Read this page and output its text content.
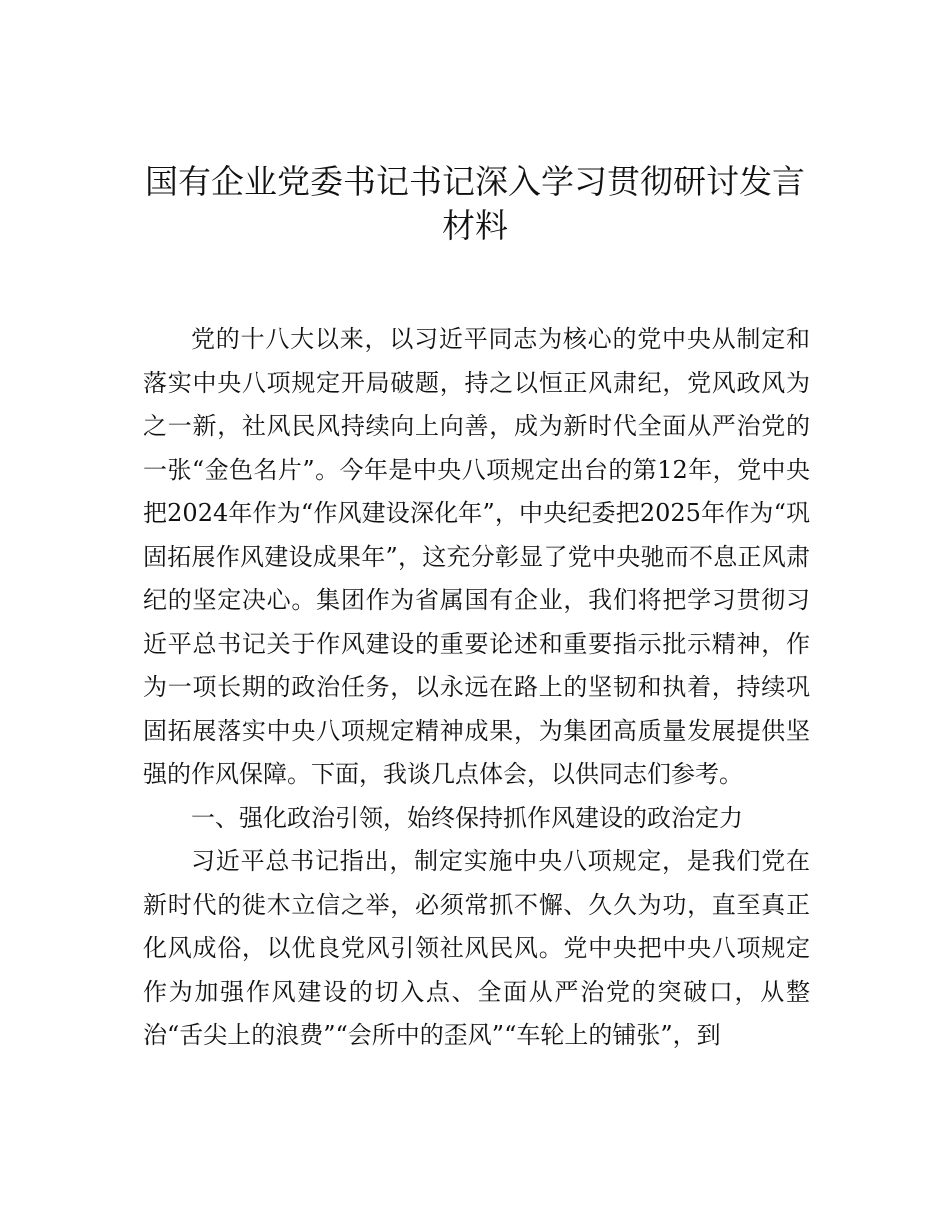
国有企业党委书记书记深入学习贯彻研讨发言
材料

党的十八大以来，以习近平同志为核心的党中央从制定和落实中央八项规定开局破题，持之以恒正风肃纪，党风政风为之一新，社风民风持续向上向善，成为新时代全面从严治党的一张“金色名片”。今年是中央八项规定出台的第12年，党中央把2024年作为“作风建设深化年”，中央纪委把2025年作为“巩固拓展作风建设成果年”，这充分彰显了党中央驰而不息正风肃纪的坚定决心。集团作为省属国有企业，我们将把学习贯彻习近平总书记关于作风建设的重要论述和重要指示批示精神，作为一项长期的政治任务，以永远在路上的坚韧和执着，持续巩固拓展落实中央八项规定精神成果，为集团高质量发展提供坚强的作风保障。下面，我谈几点体会，以供同志们参考。

一、强化政治引领，始终保持抓作风建设的政治定力

习近平总书记指出，制定实施中央八项规定，是我们党在新时代的徙木立信之举，必须常抓不懈、久久为功，直至真正化风成俗，以优良党风引领社风民风。党中央把中央八项规定作为加强作风建设的切入点、全面从严治党的突破口，从整治“舌尖上的浪费”“会所中的歪风”“车轮上的铺张”，到
